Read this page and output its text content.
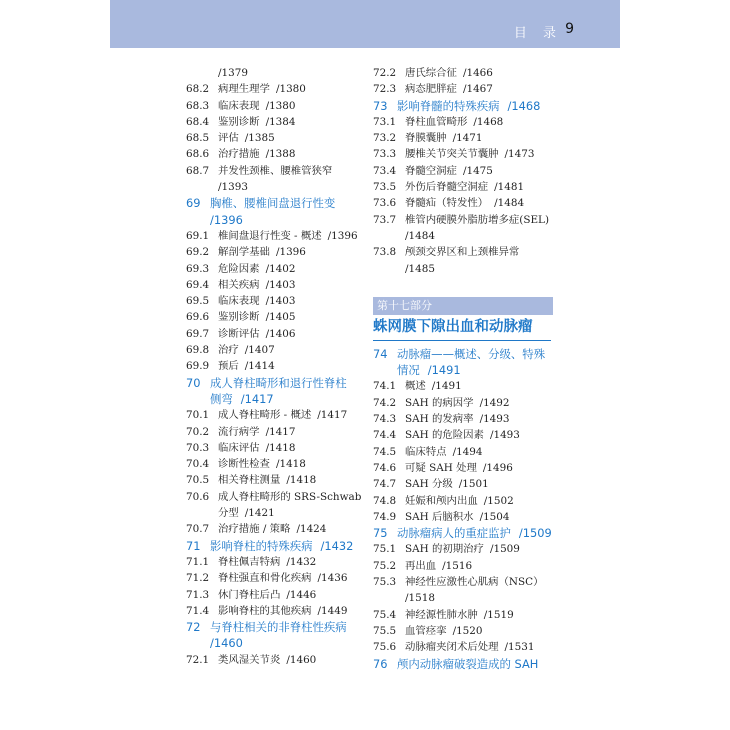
目 录 9
/1379
68.2 病理生理学 /1380
68.3 临床表现 /1380
68.4 鉴别诊断 /1384
68.5 评估 /1385
68.6 治疗措施 /1388
68.7 并发性颈椎、腰椎管狭窄
/1393
69 胸椎、腰椎间盘退行性变
/1396
69.1 椎间盘退行性变 - 概述 /1396
69.2 解剖学基础 /1396
69.3 危险因素 /1402
69.4 相关疾病 /1403
69.5 临床表现 /1403
69.6 鉴别诊断 /1405
69.7 诊断评估 /1406
69.8 治疗 /1407
69.9 预后 /1414
70 成人脊柱畸形和退行性脊柱
侧弯 /1417
70.1 成人脊柱畸形 - 概述 /1417
70.2 流行病学 /1417
70.3 临床评估 /1418
70.4 诊断性检查 /1418
70.5 相关脊柱测量 /1418
70.6 成人脊柱畸形的 SRS-Schwab
分型 /1421
70.7 治疗措施 / 策略 /1424
71 影响脊柱的特殊疾病 /1432
71.1 脊柱佩吉特病 /1432
71.2 脊柱强直和骨化疾病 /1436
71.3 休门脊柱后凸 /1446
71.4 影响脊柱的其他疾病 /1449
72 与脊柱相关的非脊柱性疾病
/1460
72.1 类风湿关节炎 /1460
72.2 唐氏综合征 /1466
72.3 病态肥胖症 /1467
73 影响脊髓的特殊疾病 /1468
73.1 脊柱血管畸形 /1468
73.2 脊膜囊肿 /1471
73.3 腰椎关节突关节囊肿 /1473
73.4 脊髓空洞症 /1475
73.5 外伤后脊髓空洞症 /1481
73.6 脊髓疝（特发性） /1484
73.7 椎管内硬膜外脂肪增多症(SEL)
/1484
73.8 颅颈交界区和上颈椎异常
/1485
第十七部分
蛛网膜下隙出血和动脉瘤
74 动脉瘤——概述、分级、特殊
情况 /1491
74.1 概述 /1491
74.2 SAH 的病因学 /1492
74.3 SAH 的发病率 /1493
74.4 SAH 的危险因素 /1493
74.5 临床特点 /1494
74.6 可疑 SAH 处理 /1496
74.7 SAH 分级 /1501
74.8 妊娠和颅内出血 /1502
74.9 SAH 后脑积水 /1504
75 动脉瘤病人的重症监护 /1509
75.1 SAH 的初期治疗 /1509
75.2 再出血 /1516
75.3 神经性应激性心肌病（NSC）
/1518
75.4 神经源性肺水肿 /1519
75.5 血管痉挛 /1520
75.6 动脉瘤夹闭术后处理 /1531
76 颅内动脉瘤破裂造成的 SAH
